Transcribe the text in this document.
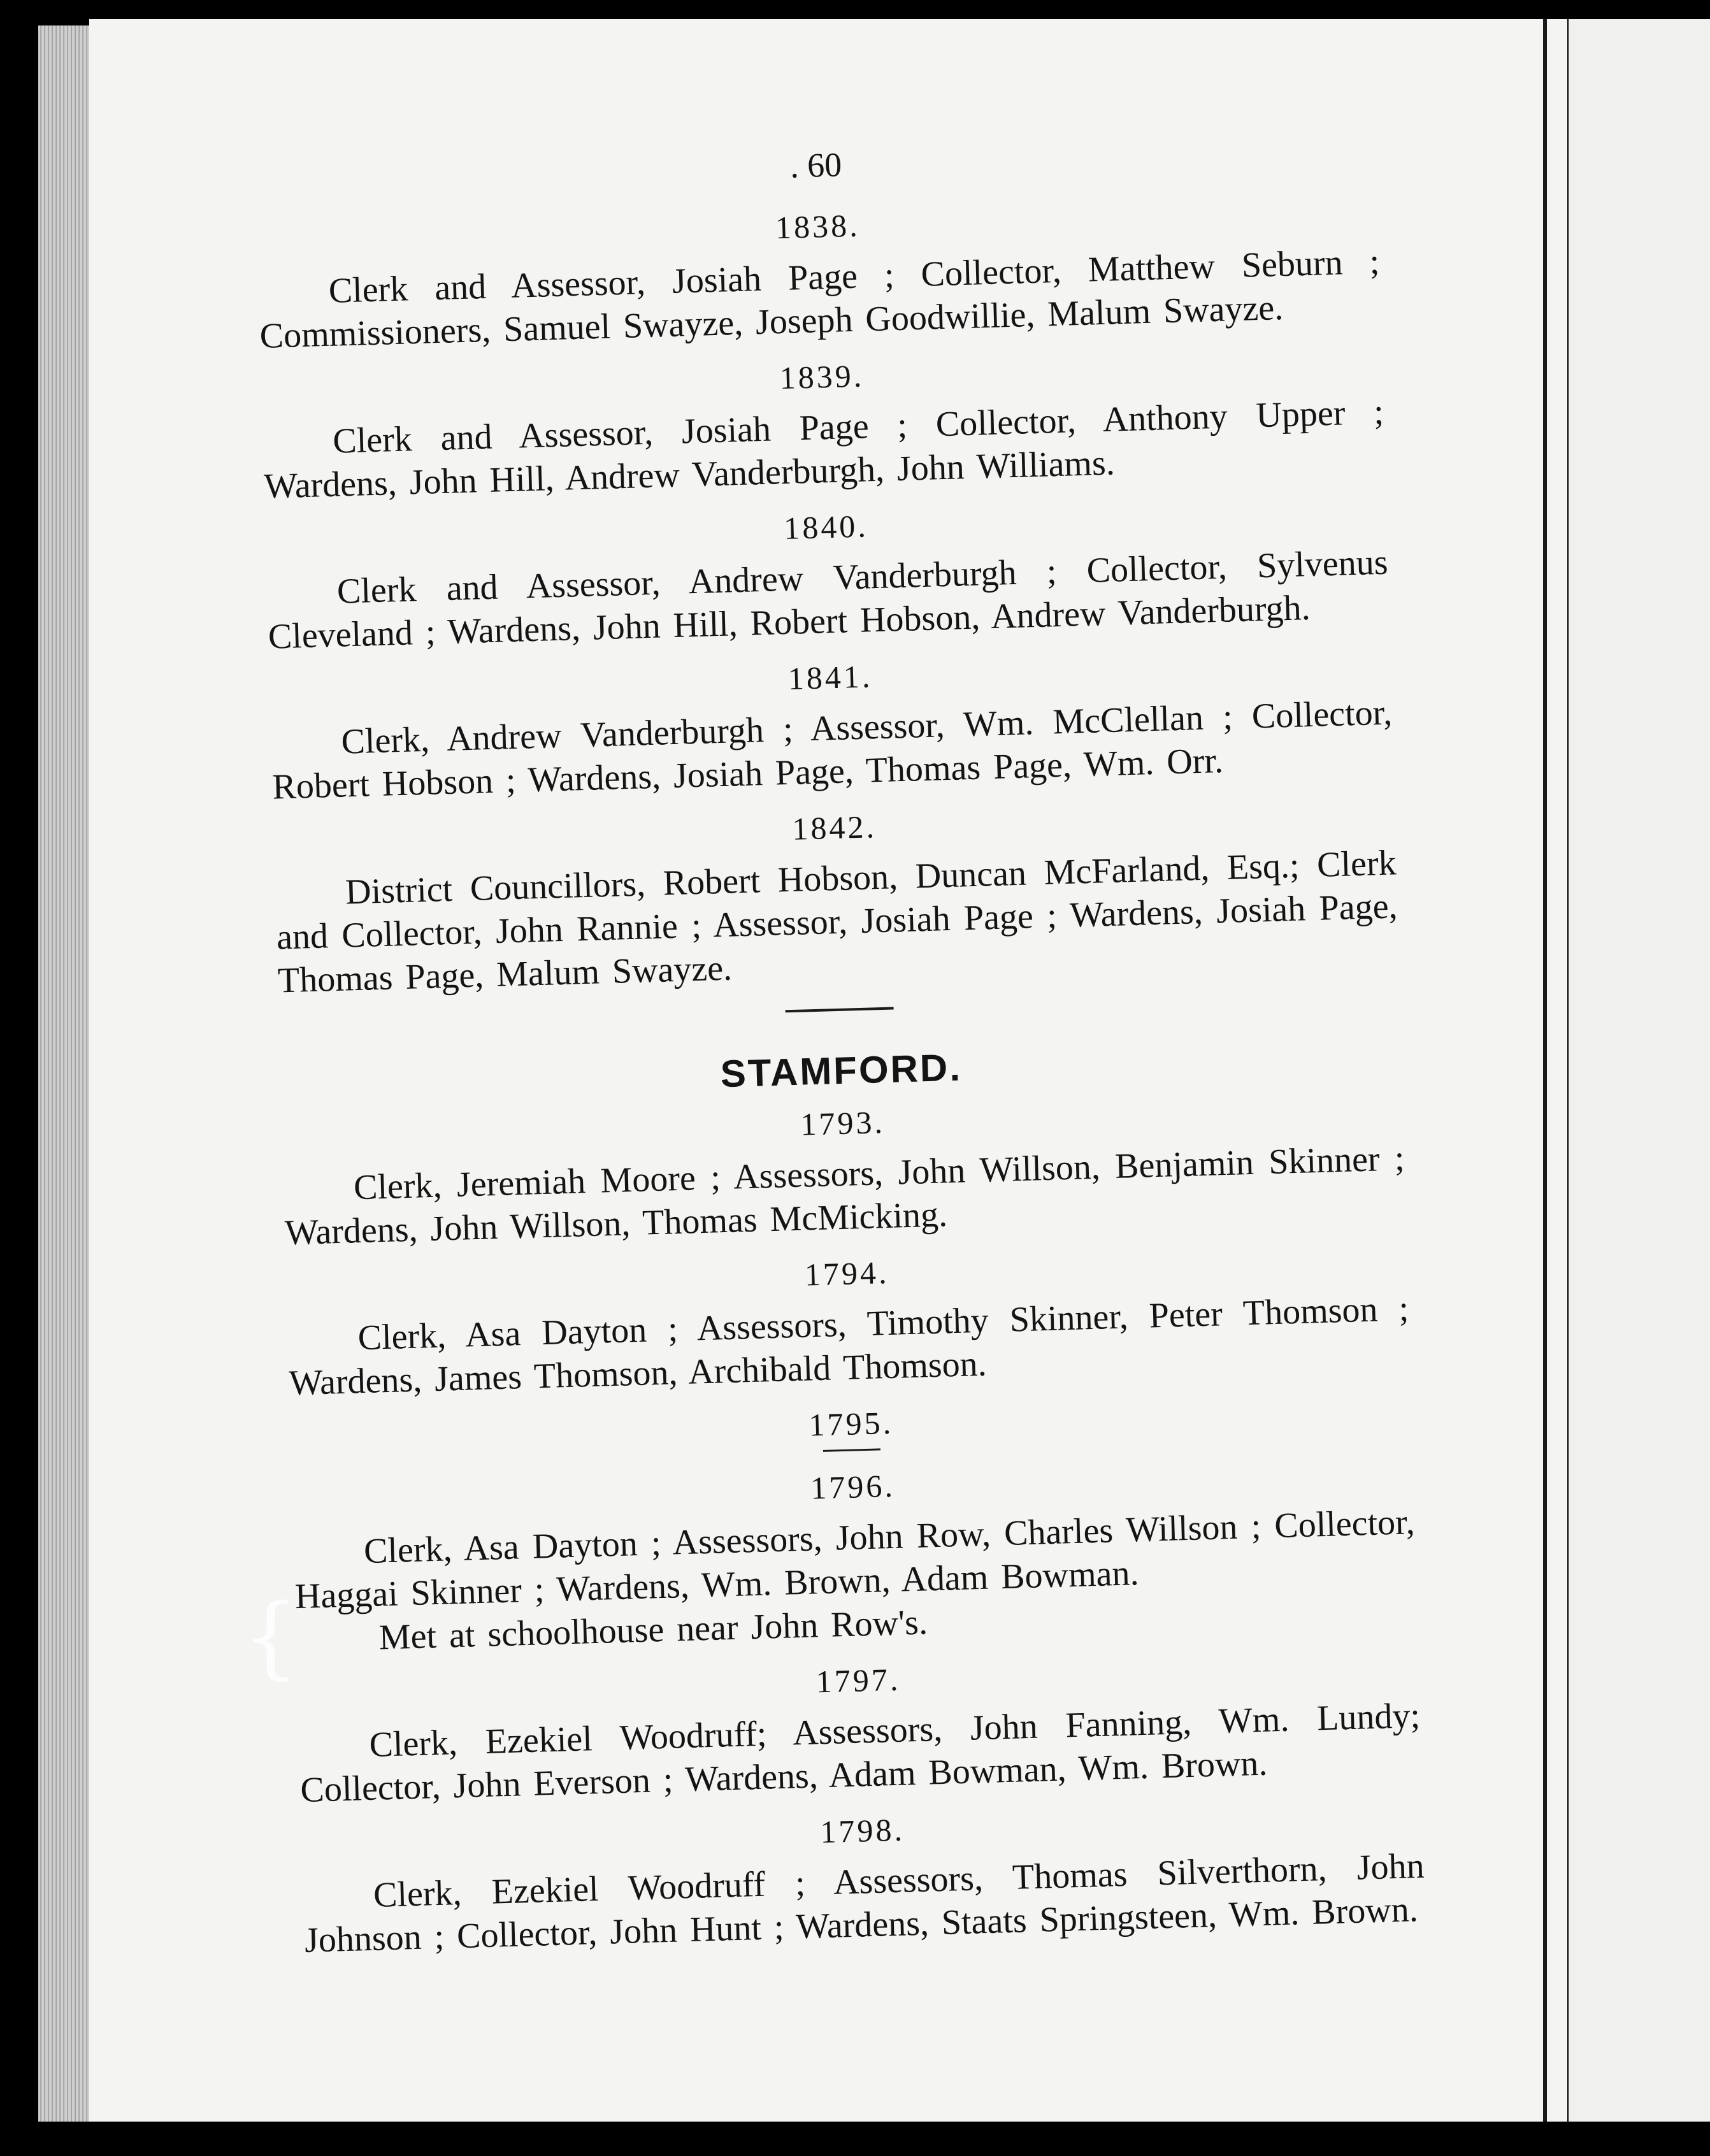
. 60
1838.

Clerk and Assessor, Josiah Page ; Collector, Matthew Seburn ; Commissioners, Samuel Swayze, Joseph Goodwillie, Malum Swayze.

1839.

Clerk and Assessor, Josiah Page ; Collector, Anthony Upper ; Wardens, John Hill, Andrew Vanderburgh, John Williams.

1840.

Clerk and Assessor, Andrew Vanderburgh ; Collector, Sylvenus Cleveland ; Wardens, John Hill, Robert Hobson, Andrew Vanderburgh.

1841.

Clerk, Andrew Vanderburgh ; Assessor, Wm. McClellan ; Collector, Robert Hobson ; Wardens, Josiah Page, Thomas Page, Wm. Orr.

1842.

District Councillors, Robert Hobson, Duncan McFarland, Esq.; Clerk and Collector, John Rannie ; Assessor, Josiah Page ; Wardens, Josiah Page, Thomas Page, Malum Swayze.

STAMFORD.
1793.

Clerk, Jeremiah Moore ; Assessors, John Willson, Benjamin Skinner ; Wardens, John Willson, Thomas McMicking.

1794.

Clerk, Asa Dayton ; Assessors, Timothy Skinner, Peter Thomson ; Wardens, James Thomson, Archibald Thomson.

1795.
1796.

Clerk, Asa Dayton ; Assessors, John Row, Charles Willson ; Collector, Haggai Skinner ; Wardens, Wm. Brown, Adam Bowman.
Met at schoolhouse near John Row's.

1797.

Clerk, Ezekiel Woodruff; Assessors, John Fanning, Wm. Lundy; Collector, John Everson ; Wardens, Adam Bowman, Wm. Brown.

1798.

Clerk, Ezekiel Woodruff ; Assessors, Thomas Silverthorn, John Johnson ; Collector, John Hunt ; Wardens, Staats Springsteen, Wm. Brown.

{
